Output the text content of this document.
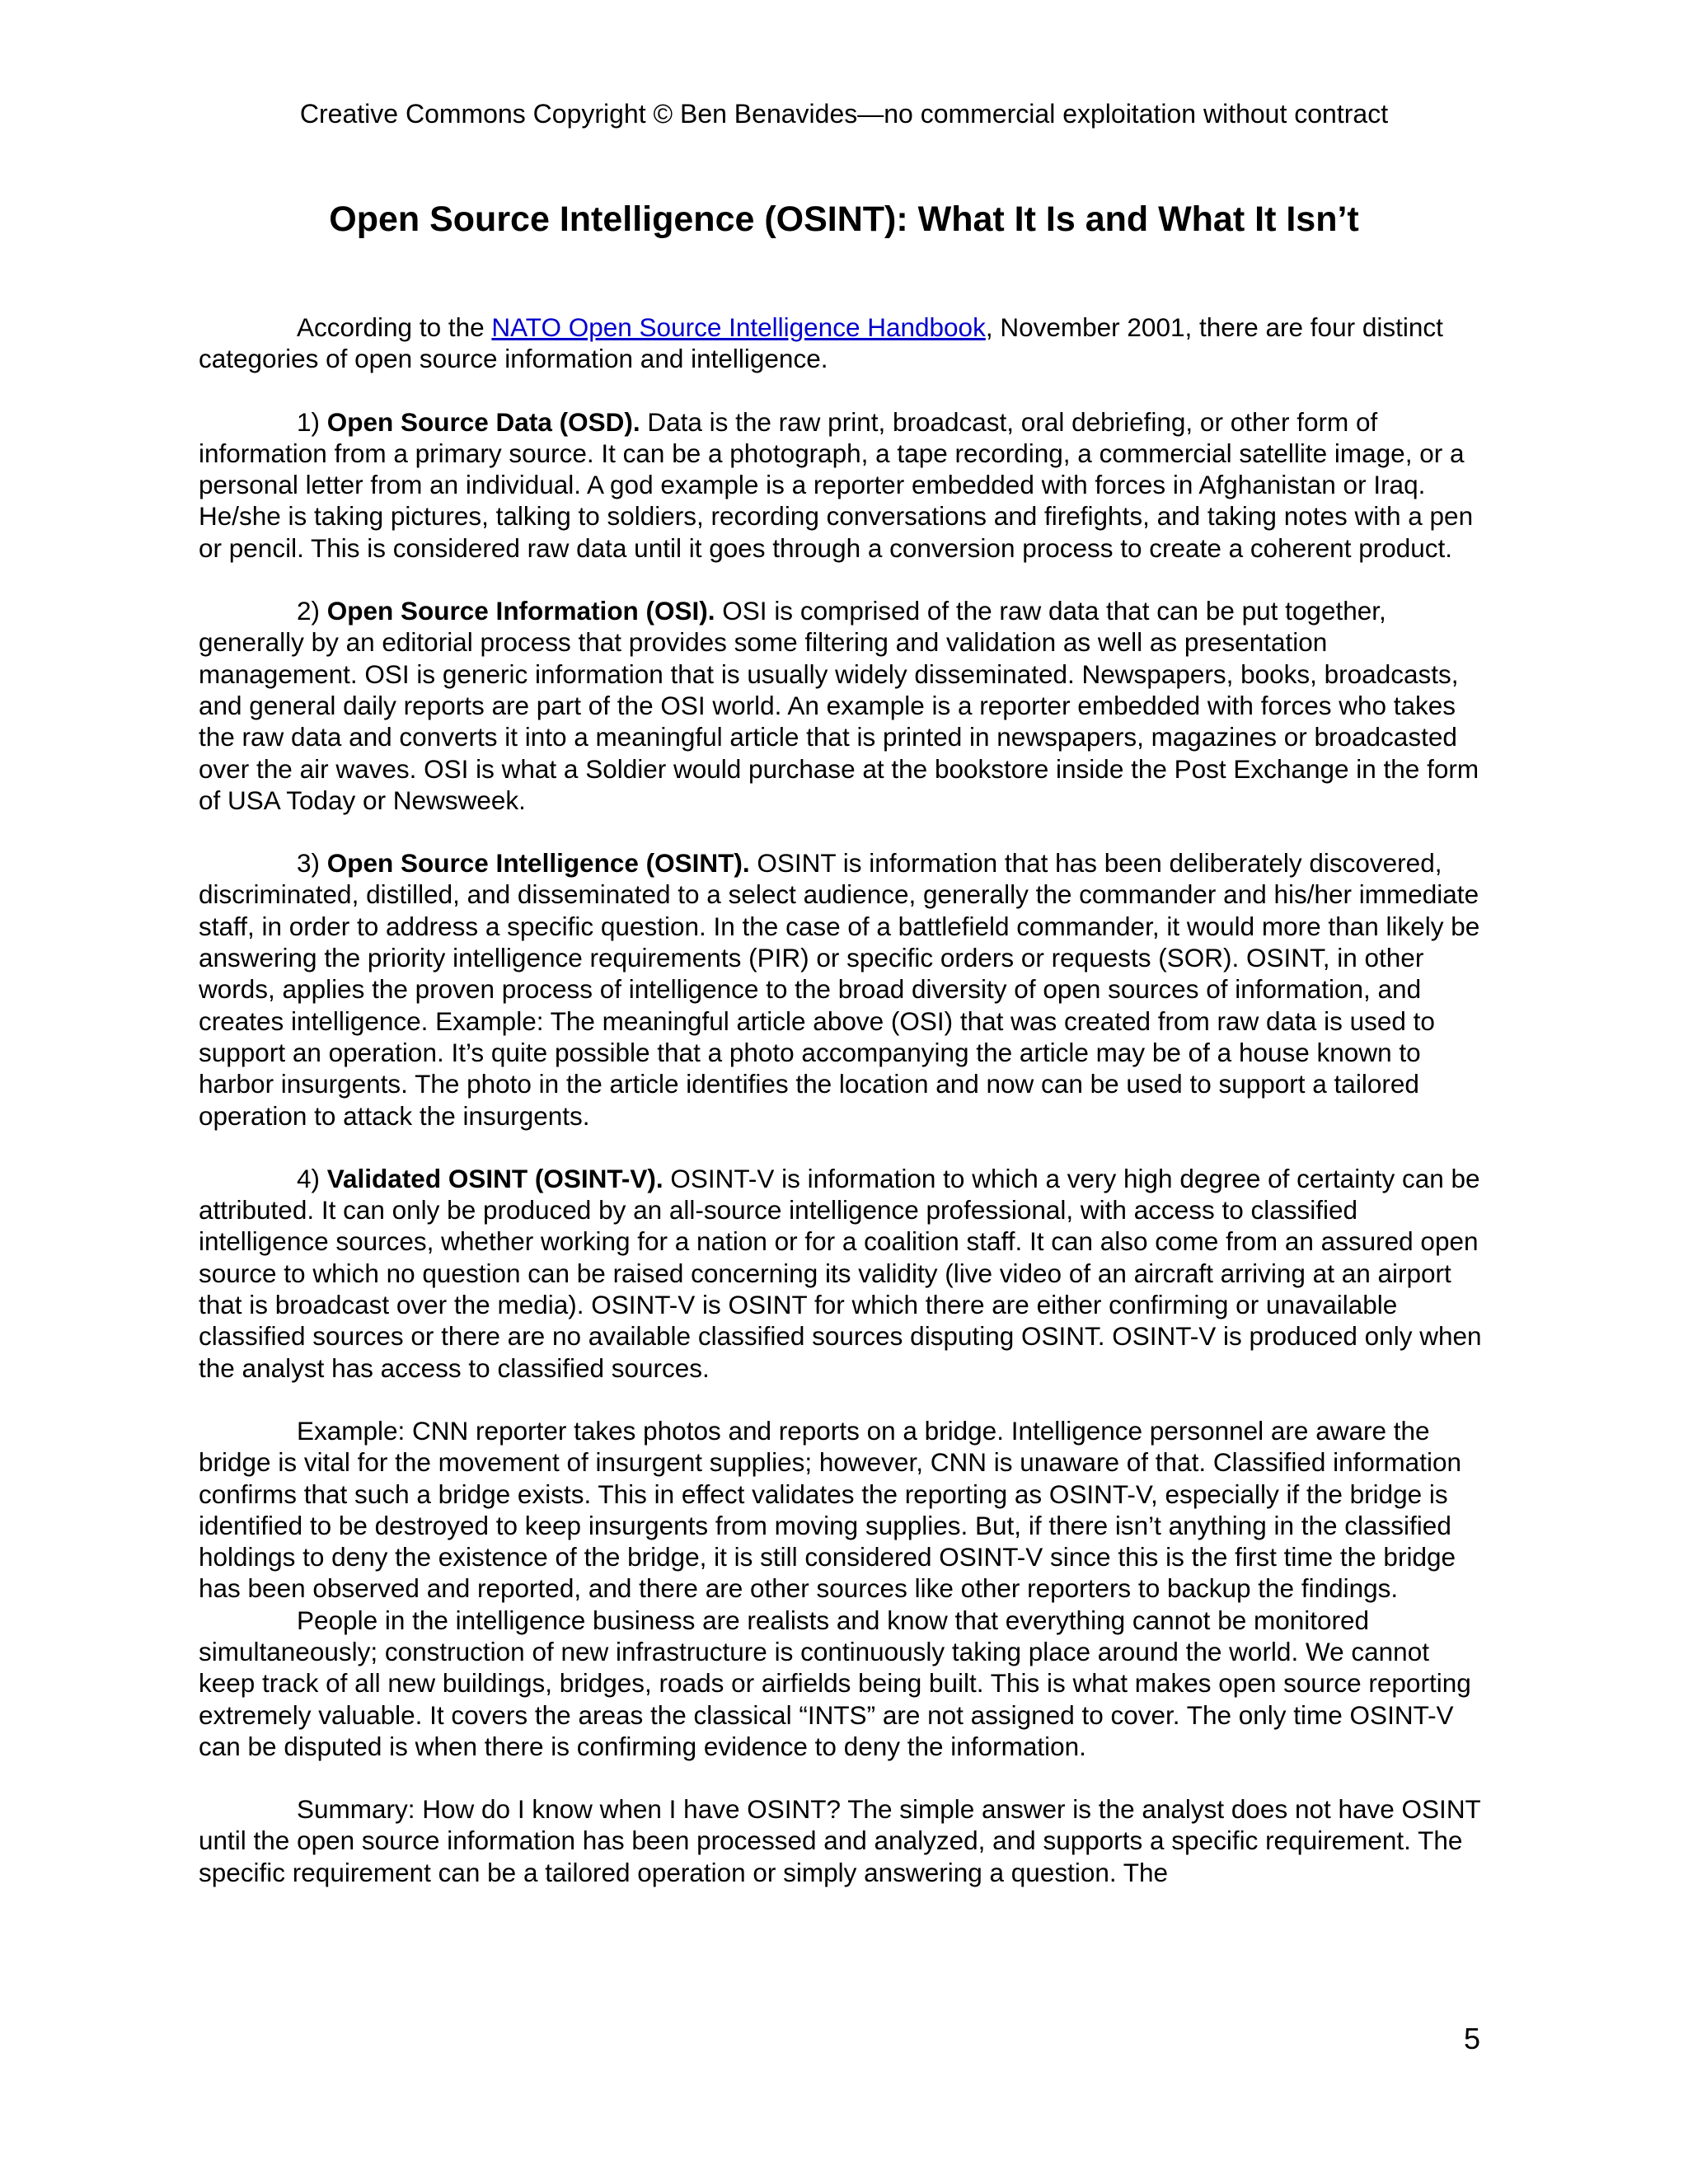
Creative Commons Copyright © Ben Benavides—no commercial exploitation without contract
Open Source Intelligence (OSINT): What It Is and What It Isn’t

According to the NATO Open Source Intelligence Handbook, November 2001, there are four distinct categories of open source information and intelligence.

1) Open Source Data (OSD). Data is the raw print, broadcast, oral debriefing, or other form of information from a primary source. It can be a photograph, a tape recording, a commercial satellite image, or a personal letter from an individual. A god example is a reporter embedded with forces in Afghanistan or Iraq. He/she is taking pictures, talking to soldiers, recording conversations and firefights, and taking notes with a pen or pencil. This is considered raw data until it goes through a conversion process to create a coherent product.

2) Open Source Information (OSI). OSI is comprised of the raw data that can be put together, generally by an editorial process that provides some filtering and validation as well as presentation management. OSI is generic information that is usually widely disseminated. Newspapers, books, broadcasts, and general daily reports are part of the OSI world. An example is a reporter embedded with forces who takes the raw data and converts it into a meaningful article that is printed in newspapers, magazines or broadcasted over the air waves. OSI is what a Soldier would purchase at the bookstore inside the Post Exchange in the form of USA Today or Newsweek.

3) Open Source Intelligence (OSINT). OSINT is information that has been deliberately discovered, discriminated, distilled, and disseminated to a select audience, generally the commander and his/her immediate staff, in order to address a specific question. In the case of a battlefield commander, it would more than likely be answering the priority intelligence requirements (PIR) or specific orders or requests (SOR). OSINT, in other words, applies the proven process of intelligence to the broad diversity of open sources of information, and creates intelligence. Example: The meaningful article above (OSI) that was created from raw data is used to support an operation. It’s quite possible that a photo accompanying the article may be of a house known to harbor insurgents. The photo in the article identifies the location and now can be used to support a tailored operation to attack the insurgents.

4) Validated OSINT (OSINT-V). OSINT-V is information to which a very high degree of certainty can be attributed. It can only be produced by an all-source intelligence professional, with access to classified intelligence sources, whether working for a nation or for a coalition staff. It can also come from an assured open source to which no question can be raised concerning its validity (live video of an aircraft arriving at an airport that is broadcast over the media). OSINT-V is OSINT for which there are either confirming or unavailable classified sources or there are no available classified sources disputing OSINT. OSINT-V is produced only when the analyst has access to classified sources.

Example: CNN reporter takes photos and reports on a bridge. Intelligence personnel are aware the bridge is vital for the movement of insurgent supplies; however, CNN is unaware of that. Classified information confirms that such a bridge exists. This in effect validates the reporting as OSINT-V, especially if the bridge is identified to be destroyed to keep insurgents from moving supplies. But, if there isn’t anything in the classified holdings to deny the existence of the bridge, it is still considered OSINT-V since this is the first time the bridge has been observed and reported, and there are other sources like other reporters to backup the findings.

People in the intelligence business are realists and know that everything cannot be monitored simultaneously; construction of new infrastructure is continuously taking place around the world. We cannot keep track of all new buildings, bridges, roads or airfields being built. This is what makes open source reporting extremely valuable. It covers the areas the classical “INTS” are not assigned to cover. The only time OSINT-V can be disputed is when there is confirming evidence to deny the information.

Summary: How do I know when I have OSINT? The simple answer is the analyst does not have OSINT until the open source information has been processed and analyzed, and supports a specific requirement. The specific requirement can be a tailored operation or simply answering a question. The

5
